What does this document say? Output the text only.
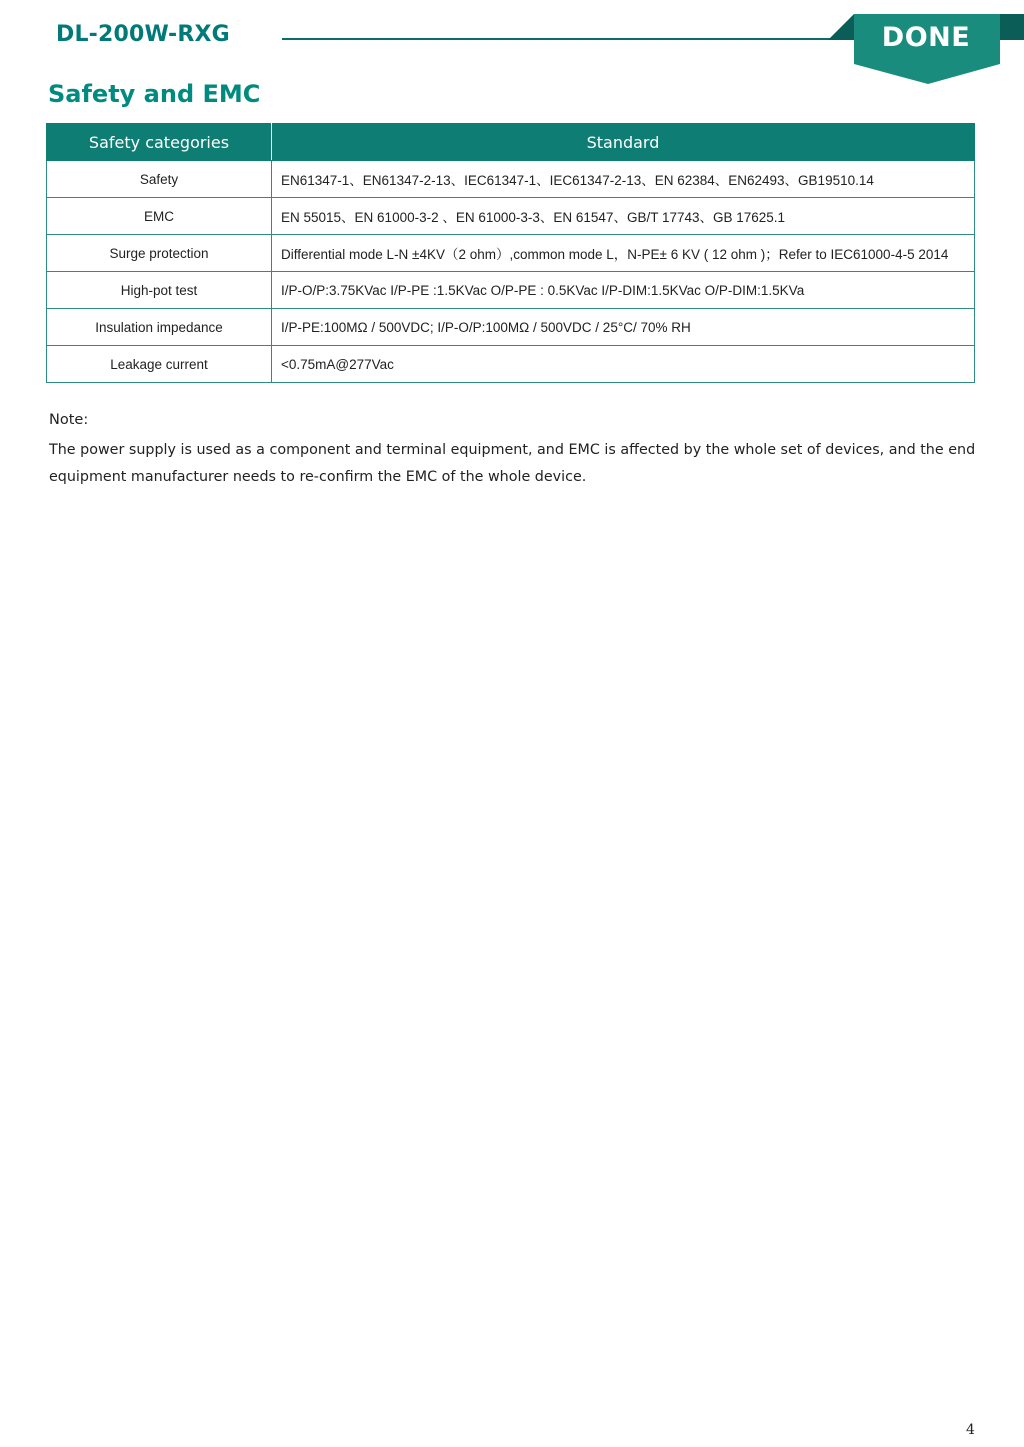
DL-200W-RXG	DONE
Safety and EMC
Safety categories	Standard
Safety	EN61347-1、EN61347-2-13、IEC61347-1、IEC61347-2-13、EN 62384、EN62493、GB19510.14
EMC	EN 55015、EN 61000-3-2 、EN 61000-3-3、EN 61547、GB/T 17743、GB 17625.1
Surge protection	Differential mode L-N ±4KV（2 ohm）,common mode L，N-PE± 6 KV ( 12 ohm )；Refer to IEC61000-4-5 2014
High-pot test	I/P-O/P:3.75KVac I/P-PE :1.5KVac O/P-PE : 0.5KVac I/P-DIM:1.5KVac O/P-DIM:1.5KVa
Insulation impedance	I/P-PE:100MΩ / 500VDC; I/P-O/P:100MΩ / 500VDC / 25°C/ 70% RH
Leakage current	<0.75mA@277Vac
Note:
The power supply is used as a component and terminal equipment, and EMC is affected by the whole set of devices, and the end equipment manufacturer needs to re-confirm the EMC of the whole device.
4
